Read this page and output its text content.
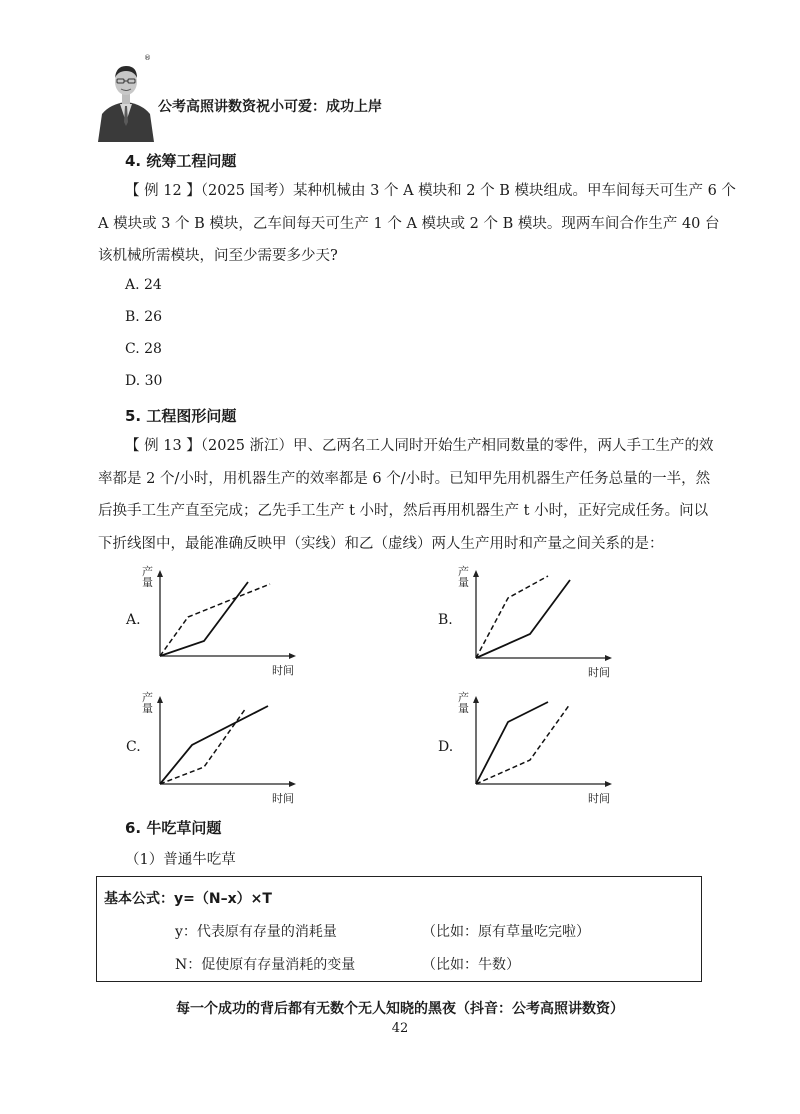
®
公考高照讲数资祝小可爱：成功上岸
4. 统筹工程问题
【 例 12 】（2025 国考）某种机械由 3 个 A 模块和 2 个 B 模块组成。甲车间每天可生产 6 个
A 模块或 3 个 B 模块，乙车间每天可生产 1 个 A 模块或 2 个 B 模块。现两车间合作生产 40 台
该机械所需模块，问至少需要多少天?
A. 24
B. 26
C. 28
D. 30
5. 工程图形问题
【 例 13 】（2025 浙江）甲、乙两名工人同时开始生产相同数量的零件，两人手工生产的效
率都是 2 个/小时，用机器生产的效率都是 6 个/小时。已知甲先用机器生产任务总量的一半，然
后换手工生产直至完成；乙先手工生产 t 小时，然后再用机器生产 t 小时，正好完成任务。问以
下折线图中，最能准确反映甲（实线）和乙（虚线）两人生产用时和产量之间关系的是：
A.
产量
时间
B.
产量
时间
C.
产量
时间
D.
产量
时间
6. 牛吃草问题
（1）普通牛吃草
基本公式：y=（N–x）×T
y：代表原有存量的消耗量	（比如：原有草量吃完啦）
N：促使原有存量消耗的变量	（比如：牛数）
每一个成功的背后都有无数个无人知晓的黑夜（抖音：公考高照讲数资）
42
